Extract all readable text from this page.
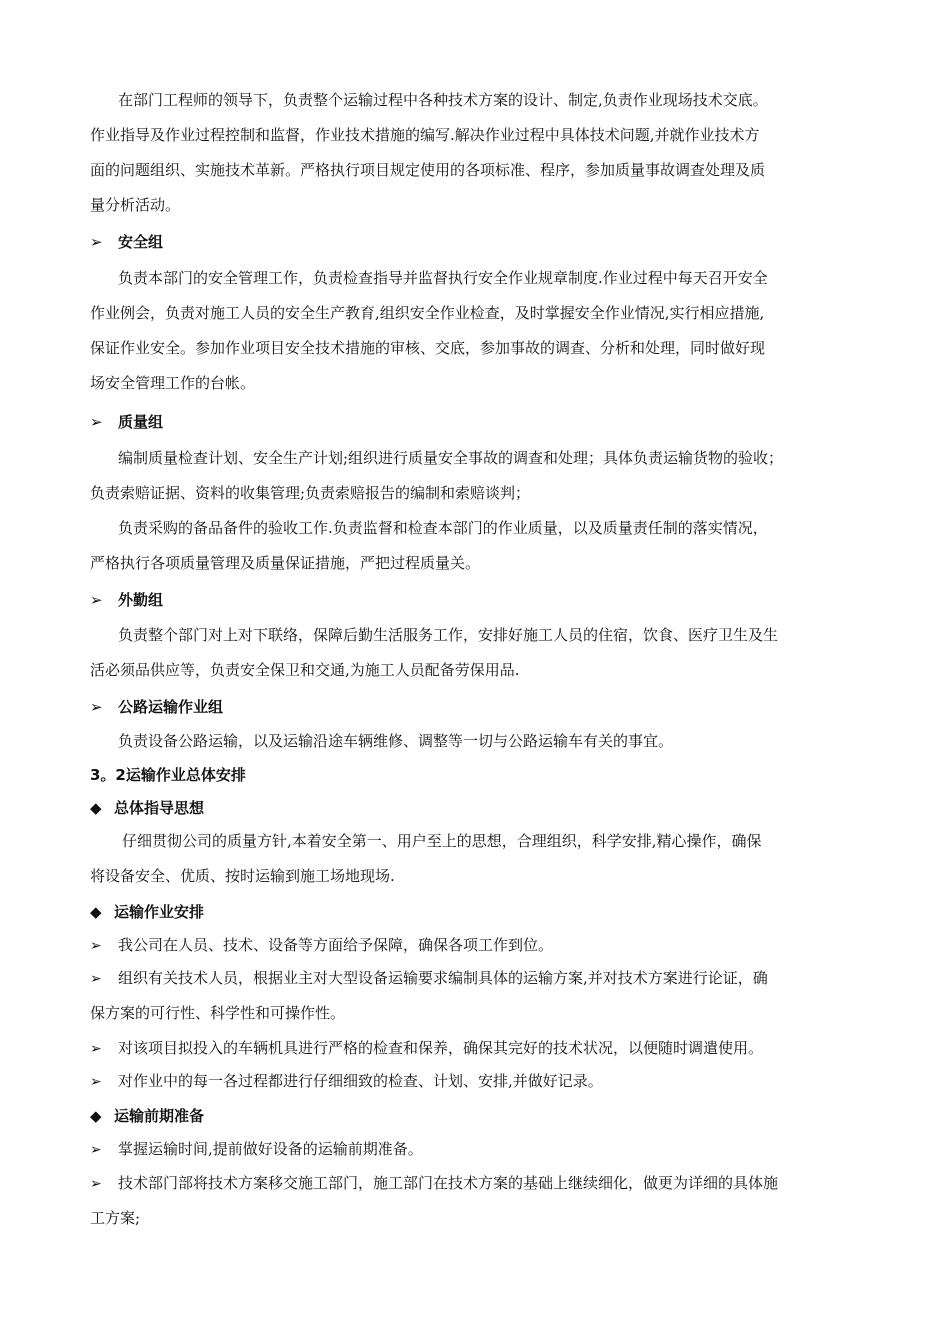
在部门工程师的领导下，负责整个运输过程中各种技术方案的设计、制定,负责作业现场技术交底。
作业指导及作业过程控制和监督，作业技术措施的编写.解决作业过程中具体技术问题,并就作业技术方
面的问题组织、实施技术革新。严格执行项目规定使用的各项标准、程序，参加质量事故调查处理及质
量分析活动。
➢ 安全组
负责本部门的安全管理工作，负责检查指导并监督执行安全作业规章制度.作业过程中每天召开安全
作业例会，负责对施工人员的安全生产教育,组织安全作业检查，及时掌握安全作业情况,实行相应措施,
保证作业安全。参加作业项目安全技术措施的审核、交底，参加事故的调查、分析和处理，同时做好现
场安全管理工作的台帐。
➢ 质量组
编制质量检查计划、安全生产计划;组织进行质量安全事故的调查和处理；具体负责运输货物的验收；
负责索赔证据、资料的收集管理;负责索赔报告的编制和索赔谈判；
负责采购的备品备件的验收工作.负责监督和检查本部门的作业质量，以及质量责任制的落实情况，
严格执行各项质量管理及质量保证措施，严把过程质量关。
➢ 外勤组
负责整个部门对上对下联络，保障后勤生活服务工作，安排好施工人员的住宿，饮食、医疗卫生及生
活必须品供应等，负责安全保卫和交通,为施工人员配备劳保用品.
➢ 公路运输作业组
负责设备公路运输，以及运输沿途车辆维修、调整等一切与公路运输车有关的事宜。
3。2运输作业总体安排
◆ 总体指导思想
仔细贯彻公司的质量方针,本着安全第一、用户至上的思想，合理组织，科学安排,精心操作，确保
将设备安全、优质、按时运输到施工场地现场.
◆ 运输作业安排
➢ 我公司在人员、技术、设备等方面给予保障，确保各项工作到位。
➢ 组织有关技术人员，根据业主对大型设备运输要求编制具体的运输方案,并对技术方案进行论证，确
保方案的可行性、科学性和可操作性。
➢ 对该项目拟投入的车辆机具进行严格的检查和保养，确保其完好的技术状况，以便随时调遣使用。
➢ 对作业中的每一各过程都进行仔细细致的检查、计划、安排,并做好记录。
◆ 运输前期准备
➢ 掌握运输时间,提前做好设备的运输前期准备。
➢ 技术部门部将技术方案移交施工部门，施工部门在技术方案的基础上继续细化，做更为详细的具体施
工方案;
